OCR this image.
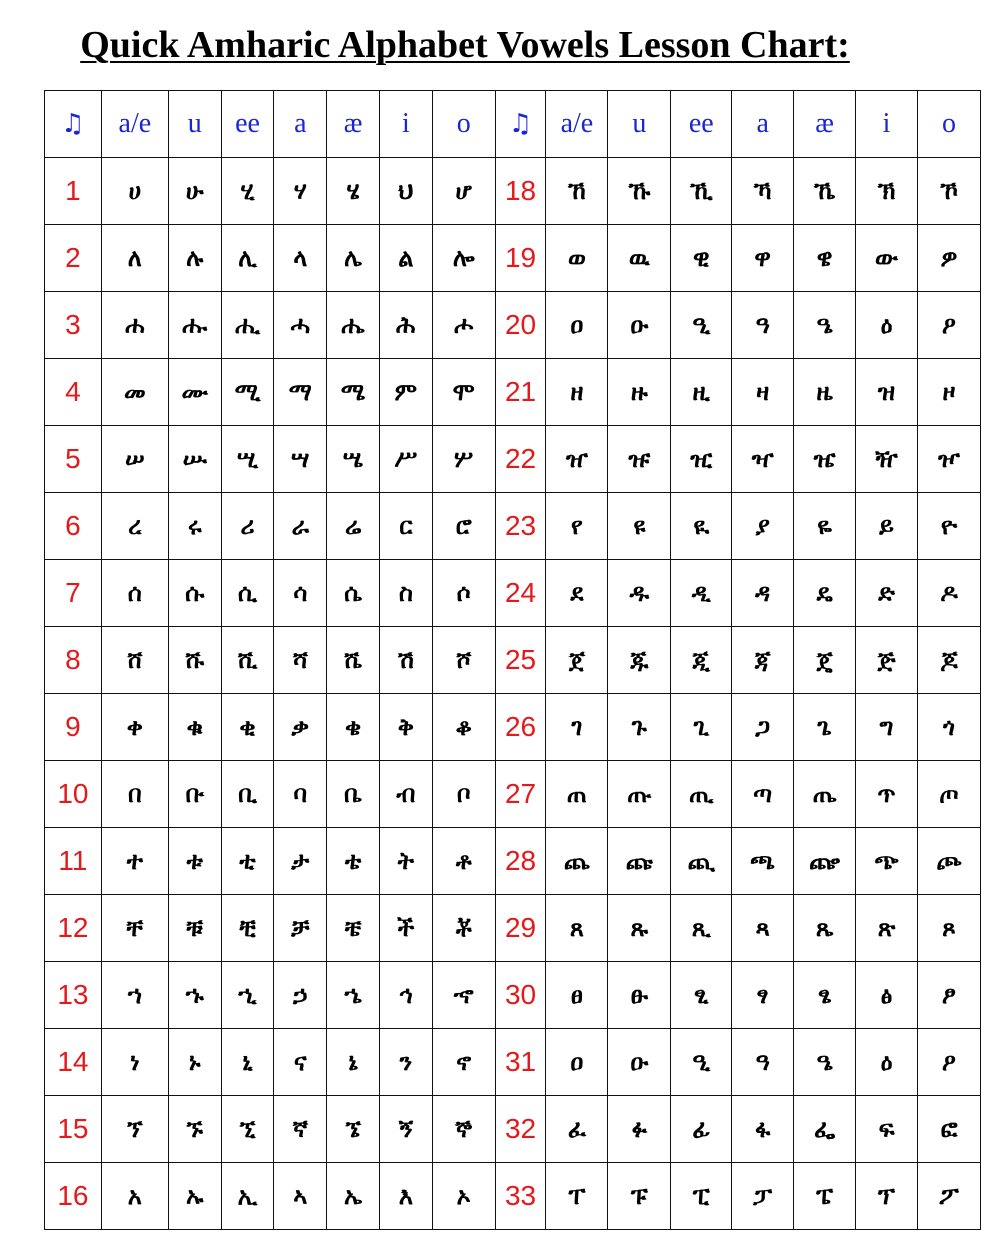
Quick Amharic Alphabet Vowels Lesson Chart:
♫	a/e	u	ee	a	æ	i	o	♫	a/e	u	ee	a	æ	i	o
1	ሀ	ሁ	ሂ	ሃ	ሄ	ህ	ሆ	18	ኸ	ኹ	ኺ	ኻ	ኼ	ኽ	ኾ
2	ለ	ሉ	ሊ	ላ	ሌ	ል	ሎ	19	ወ	ዉ	ዊ	ዋ	ዌ	ው	ዎ
3	ሐ	ሑ	ሒ	ሓ	ሔ	ሕ	ሖ	20	ዐ	ዑ	ዒ	ዓ	ዔ	ዕ	ዖ
4	መ	ሙ	ሚ	ማ	ሜ	ም	ሞ	21	ዘ	ዙ	ዚ	ዛ	ዜ	ዝ	ዞ
5	ሠ	ሡ	ሢ	ሣ	ሤ	ሥ	ሦ	22	ዠ	ዡ	ዢ	ዣ	ዤ	ዥ	ዦ
6	ረ	ሩ	ሪ	ራ	ሬ	ር	ሮ	23	የ	ዩ	ዪ	ያ	ዬ	ይ	ዮ
7	ሰ	ሱ	ሲ	ሳ	ሴ	ስ	ሶ	24	ደ	ዱ	ዲ	ዳ	ዴ	ድ	ዶ
8	ሸ	ሹ	ሺ	ሻ	ሼ	ሽ	ሾ	25	ጀ	ጁ	ጂ	ጃ	ጄ	ጅ	ጆ
9	ቀ	ቁ	ቂ	ቃ	ቄ	ቅ	ቆ	26	ገ	ጉ	ጊ	ጋ	ጌ	ግ	ጎ
10	በ	ቡ	ቢ	ባ	ቤ	ብ	ቦ	27	ጠ	ጡ	ጢ	ጣ	ጤ	ጥ	ጦ
11	ተ	ቱ	ቲ	ታ	ቴ	ት	ቶ	28	ጨ	ጩ	ጪ	ጫ	ጬ	ጭ	ጮ
12	ቸ	ቹ	ቺ	ቻ	ቼ	ች	ቾ	29	ጸ	ጹ	ጺ	ጻ	ጼ	ጽ	ጾ
13	ኀ	ኁ	ኂ	ኃ	ኄ	ኅ	ኆ	30	ፀ	ፁ	ፂ	ፃ	ፄ	ፅ	ፆ
14	ነ	ኑ	ኒ	ና	ኔ	ን	ኖ	31	ዐ	ዑ	ዒ	ዓ	ዔ	ዕ	ዖ
15	ኘ	ኙ	ኚ	ኛ	ኜ	ኝ	ኞ	32	ፈ	ፉ	ፊ	ፋ	ፌ	ፍ	ፎ
16	አ	ኡ	ኢ	ኣ	ኤ	እ	ኦ	33	ፐ	ፑ	ፒ	ፓ	ፔ	ፕ	ፖ
